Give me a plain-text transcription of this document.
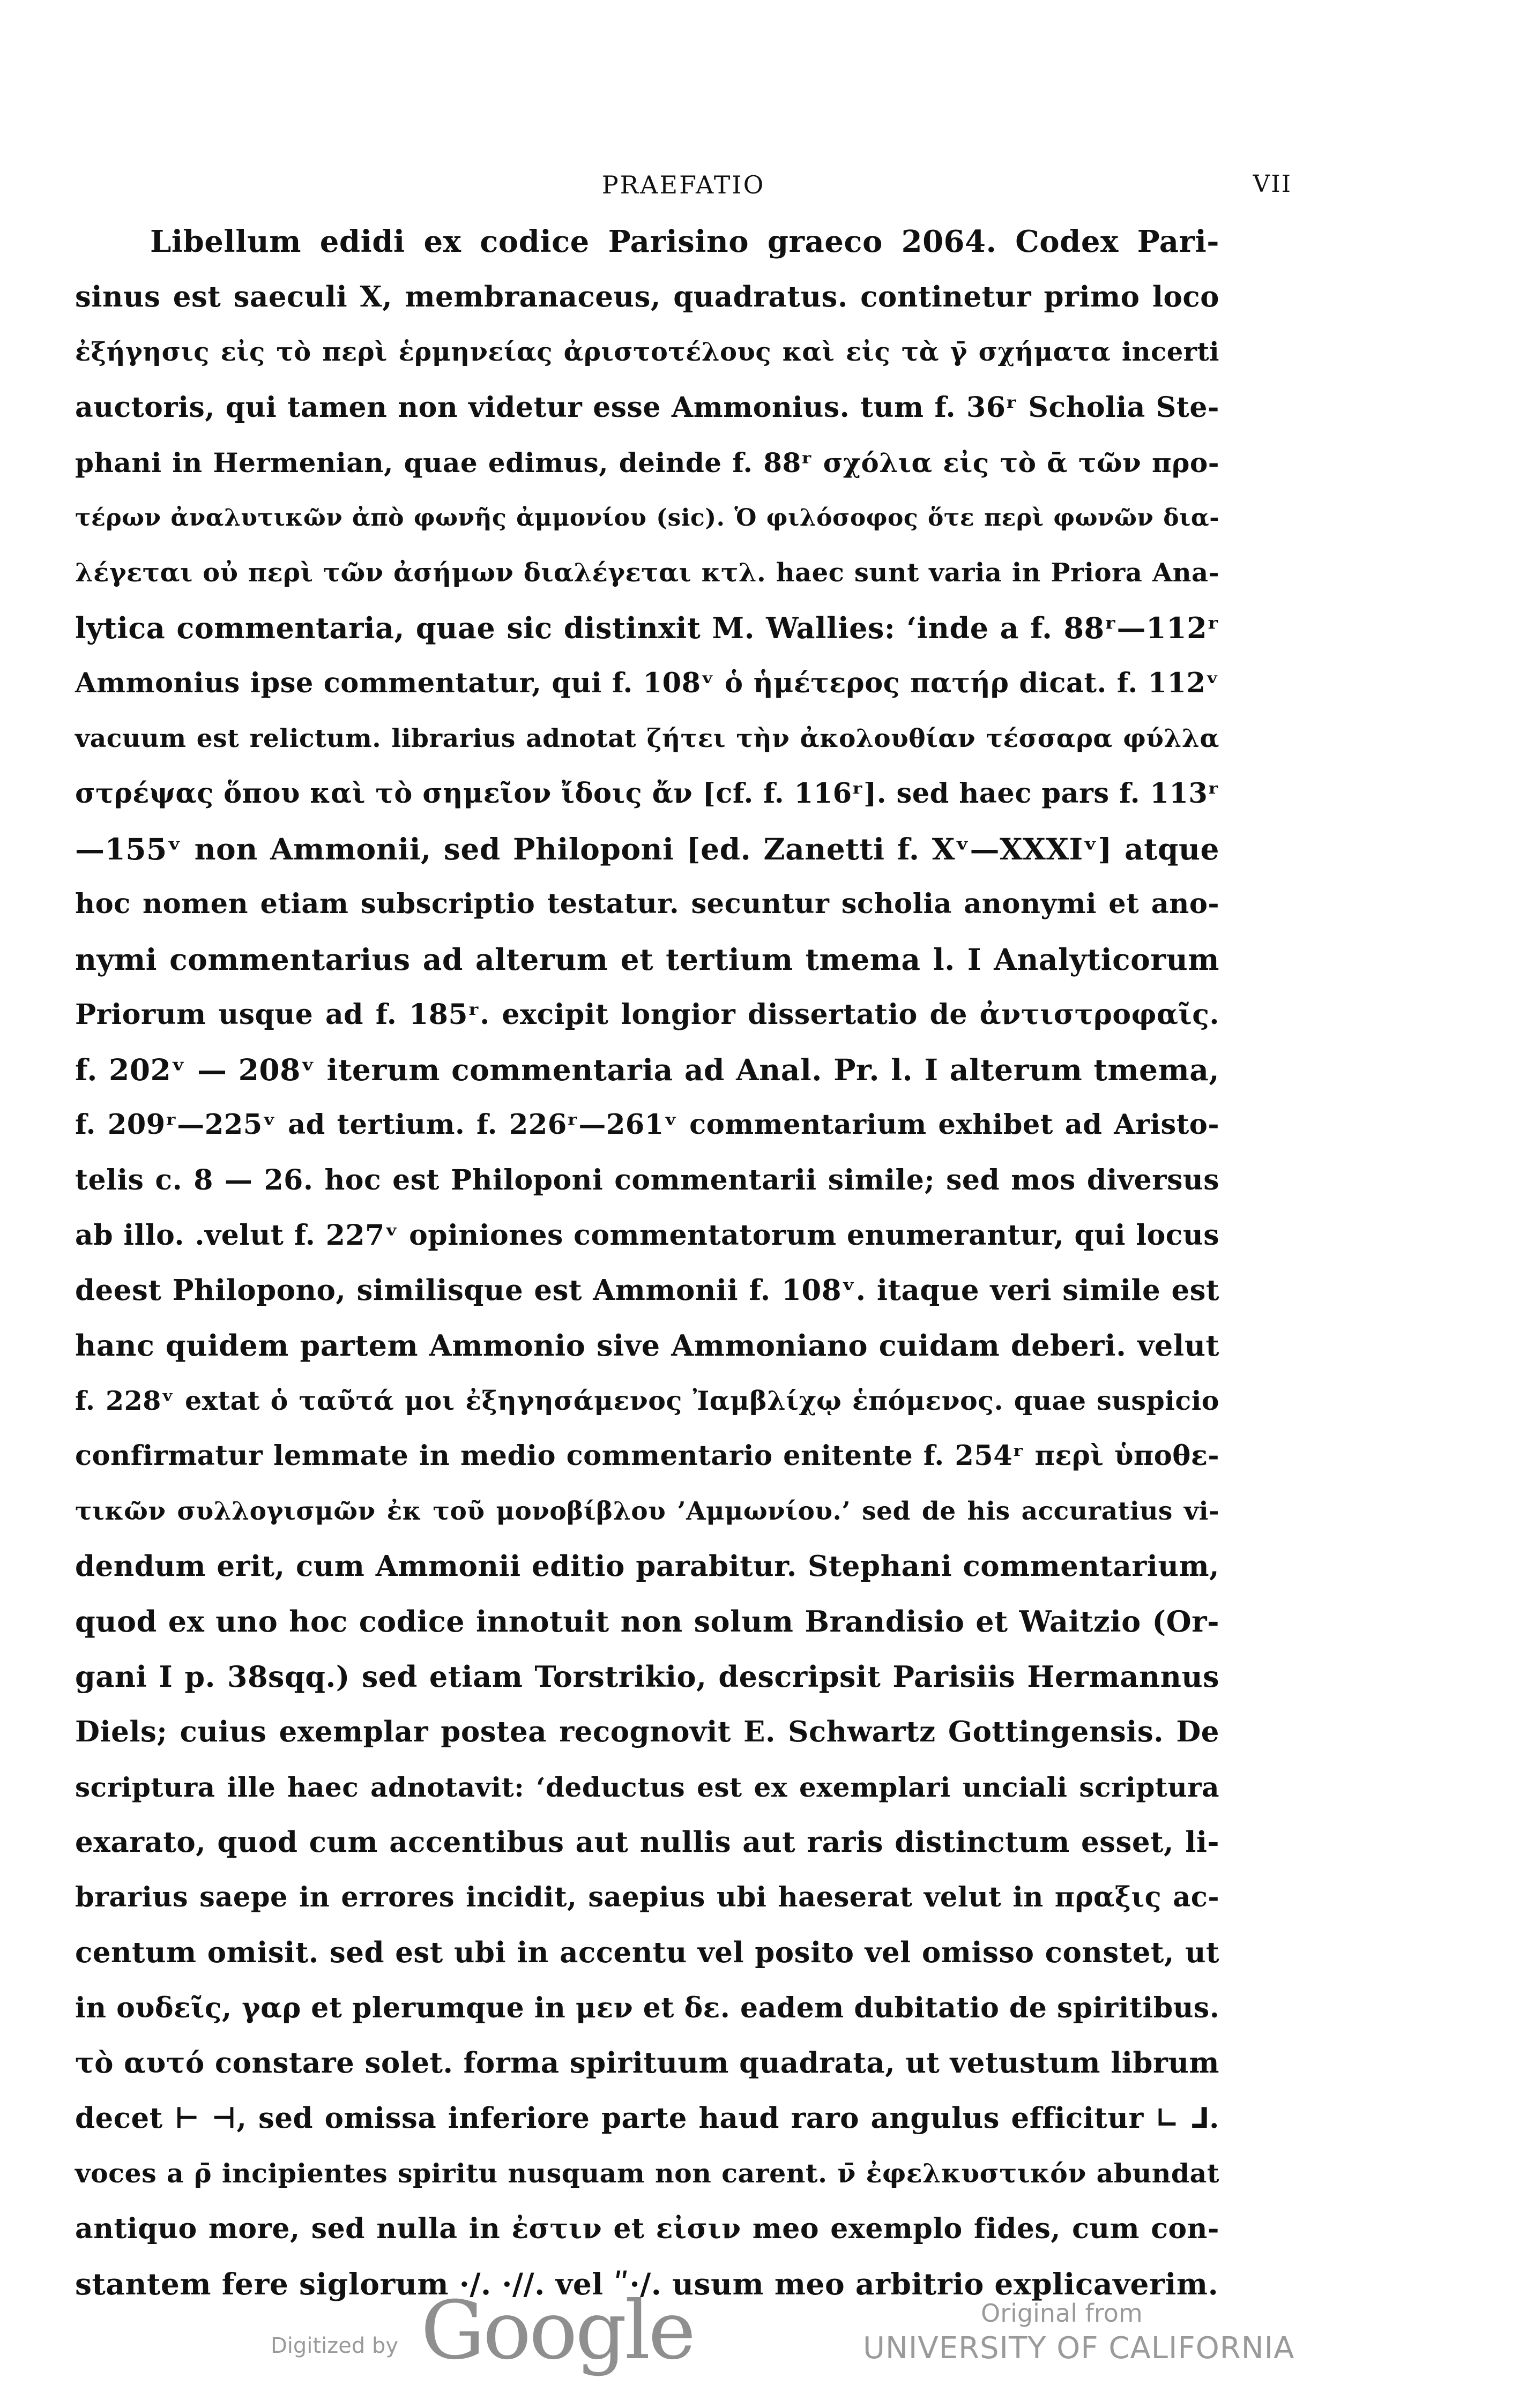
PRAEFATIO	VII
Libellum edidi ex codice Parisino graeco 2064. Codex Pari-
sinus est saeculi X, membranaceus, quadratus. continetur primo loco
ἐξήγησις εἰς τὸ περὶ ἑρμηνείας ἀριστοτέλους καὶ εἰς τὰ γ̄ σχήματα incerti
auctoris, qui tamen non videtur esse Ammonius. tum f. 36ʳ Scholia Ste-
phani in Hermenian, quae edimus, deinde f. 88ʳ σχόλια εἰς τὸ ᾱ τῶν προ-
τέρων ἀναλυτικῶν ἀπὸ φωνῆς ἀμμονίου (sic). Ὁ φιλόσοφος ὅτε περὶ φωνῶν δια-
λέγεται οὐ περὶ τῶν ἀσήμων διαλέγεται κτλ. haec sunt varia in Priora Ana-
lytica commentaria, quae sic distinxit M. Wallies: ‘inde a f. 88ʳ—112ʳ
Ammonius ipse commentatur, qui f. 108ᵛ ὁ ἡμέτερος πατήρ dicat. f. 112ᵛ
vacuum est relictum. librarius adnotat ζήτει τὴν ἀκολουθίαν τέσσαρα φύλλα
στρέψας ὅπου καὶ τὸ σημεῖον ἴδοις ἄν [cf. f. 116ʳ]. sed haec pars f. 113ʳ
—155ᵛ non Ammonii, sed Philoponi [ed. Zanetti f. Xᵛ—XXXIᵛ] atque
hoc nomen etiam subscriptio testatur. secuntur scholia anonymi et ano-
nymi commentarius ad alterum et tertium tmema l. I Analyticorum
Priorum usque ad f. 185ʳ. excipit longior dissertatio de ἀντιστροφαῖς.
f. 202ᵛ — 208ᵛ iterum commentaria ad Anal. Pr. l. I alterum tmema,
f. 209ʳ—225ᵛ ad tertium. f. 226ʳ—261ᵛ commentarium exhibet ad Aristo-
telis c. 8 — 26. hoc est Philoponi commentarii simile; sed mos diversus
ab illo. .velut f. 227ᵛ opiniones commentatorum enumerantur, qui locus
deest Philopono, similisque est Ammonii f. 108ᵛ. itaque veri simile est
hanc quidem partem Ammonio sive Ammoniano cuidam deberi. velut
f. 228ᵛ extat ὁ ταῦτά μοι ἐξηγησάμενος Ἰαμβλίχῳ ἑπόμενος. quae suspicio
confirmatur lemmate in medio commentario enitente f. 254ʳ περὶ ὑποθε-
τικῶν συλλογισμῶν ἐκ τοῦ μονοβίβλου ’Αμμωνίου.’ sed de his accuratius vi-
dendum erit, cum Ammonii editio parabitur. Stephani commentarium,
quod ex uno hoc codice innotuit non solum Brandisio et Waitzio (Or-
gani I p. 38sqq.) sed etiam Torstrikio, descripsit Parisiis Hermannus
Diels; cuius exemplar postea recognovit E. Schwartz Gottingensis. De
scriptura ille haec adnotavit: ‘deductus est ex exemplari unciali scriptura
exarato, quod cum accentibus aut nullis aut raris distinctum esset, li-
brarius saepe in errores incidit, saepius ubi haeserat velut in πραξις ac-
centum omisit. sed est ubi in accentu vel posito vel omisso constet, ut
in ουδεῖς, γαρ et plerumque in μεν et δε. eadem dubitatio de spiritibus.
τὸ αυτό constare solet. forma spirituum quadrata, ut vetustum librum
decet ⊢ ⊣, sed omissa inferiore parte haud raro angulus efficitur ∟ ⅃.
voces a ρ̄ incipientes spiritu nusquam non carent. ν̄ ἐφελκυστικόν abundat
antiquo more, sed nulla in ἐστιν et εἰσιν meo exemplo fides, cum con-
stantem fere siglorum ·/. ·//. vel ʺ·/. usum meo arbitrio explicaverim.
Digitized by Google	Original from
UNIVERSITY OF CALIFORNIA
